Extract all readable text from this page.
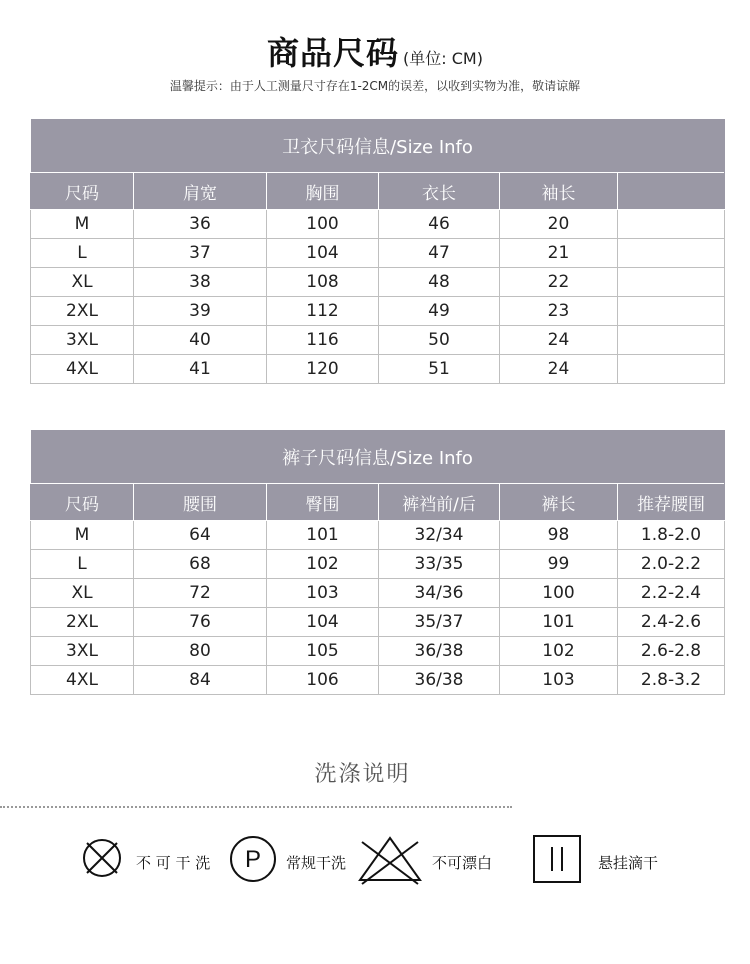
商品尺码 (单位: CM)
温馨提示：由于人工测量尺寸存在1-2CM的误差，以收到实物为准，敬请谅解
卫衣尺码信息/Size Info					
尺码	肩宽	胸围	衣长	袖长	
M	36	100	46	20	
L	37	104	47	21	
XL	38	108	48	22	
2XL	39	112	49	23	
3XL	40	116	50	24	
4XL	41	120	51	24	
裤子尺码信息/Size Info					
尺码	腰围	臀围	裤裆前/后	裤长	推荐腰围
M	64	101	32/34	98	1.8-2.0
L	68	102	33/35	99	2.0-2.2
XL	72	103	34/36	100	2.2-2.4
2XL	76	104	35/37	101	2.4-2.6
3XL	80	105	36/38	102	2.6-2.8
4XL	84	106	36/38	103	2.8-3.2
洗涤说明
不 可 干 洗 P 常规干洗	不可漂白	悬挂滴干
